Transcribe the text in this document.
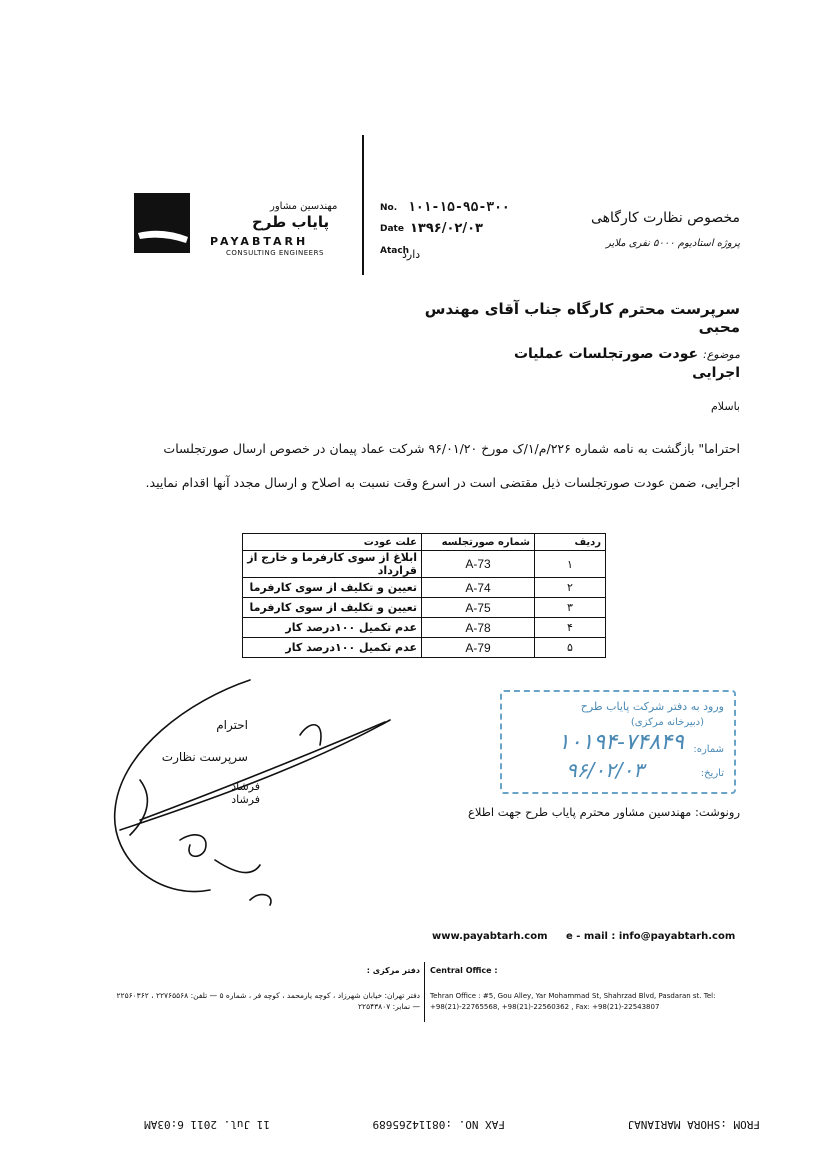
مهندسین مشاور
پایاب طرح
PAYABTARH
CONSULTING ENGINEERS
No. ۱۰۱-۱۵-۹۵-۳۰۰
Date ۱۳۹۶/۰۲/۰۳
Atach
دارد
مخصوص نظارت کارگاهی
پروژه استادیوم ۵۰۰۰ نفری ملایر
سرپرست محترم کارگاه جناب آقای مهندس محبی
موضوع: عودت صورتجلسات عملیات اجرایی
باسلام
احتراما" بازگشت به نامه شماره ۲۲۶/م/۱/ک مورخ ۹۶/۰۱/۲۰ شرکت عماد پیمان در خصوص ارسال صورتجلسات
اجرایی، ضمن عودت صورتجلسات ذیل مقتضی است در اسرع وقت نسبت به اصلاح و ارسال مجدد آنها اقدام نمایید.
ردیف	شماره صورتجلسه	علت عودت
۱	A-73	ابلاغ از سوی کارفرما و خارج از قرارداد
۲	A-74	تعیین و تکلیف از سوی کارفرما
۳	A-75	تعیین و تکلیف از سوی کارفرما
۴	A-78	عدم تکمیل ۱۰۰درصد کار
۵	A-79	عدم تکمیل ۱۰۰درصد کار
احترام
سرپرست نظارت
فرشاد فرشاد
ورود به دفتر شرکت پایاب طرح
(دبیرخانه مرکزی)
شماره:
۱۰۱۹۴-۷۴۸۴۹
تاریخ:
۹۶/۰۲/۰۳
رونوشت: مهندسین مشاور محترم پایاب طرح جهت اطلاع
www.payabtarh.com e - mail : info@payabtarh.com
دفتر مرکزی :
دفتر تهران: خیابان شهرزاد ، کوچه یارمحمد ، کوچه فر ، شماره ۵ — تلفن: ۲۲۷۶۵۵۶۸ ، ۲۲۵۶۰۳۶۲ — نمابر: ۲۲۵۴۳۸۰۷
Central Office :
Tehran Office : #5, Gou Alley, Yar Mohammad St, Shahrzad Blvd, Pasdaran st. Tel: +98(21)-22765568, +98(21)-22560362 , Fax: +98(21)-22543807
FROM :SHORA MARIANAJ
FAX NO. :08114265689
11 Jul. 2011 6:03AM
